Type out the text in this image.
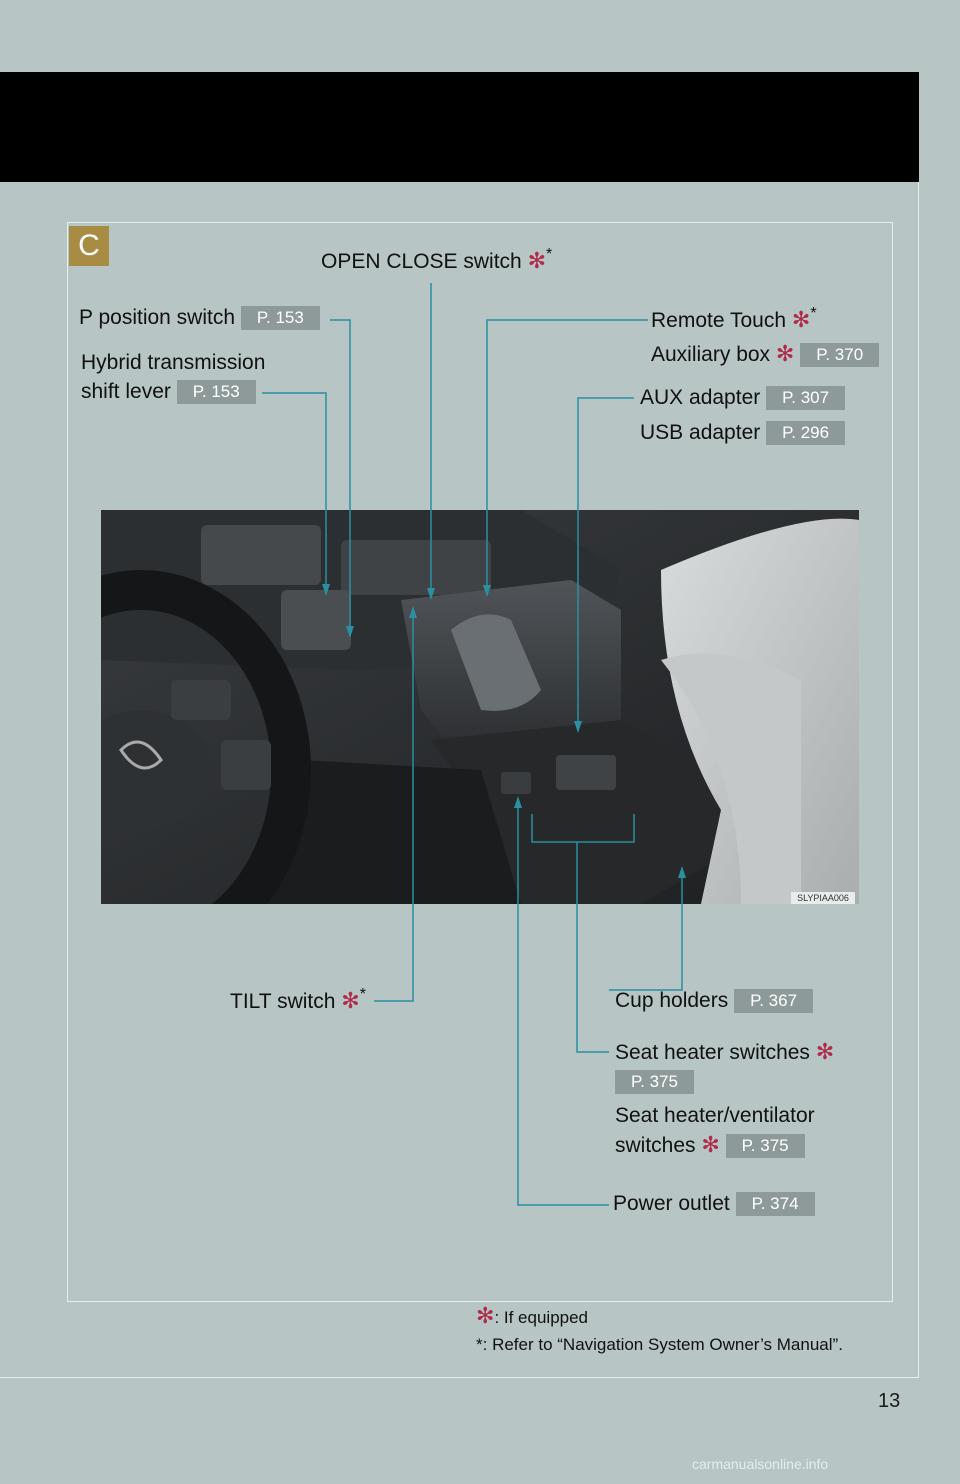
C
SLYPIAA006
OPEN CLOSE switch ✻*
P position switch P. 153
Hybrid transmission
shift lever P. 153
Remote Touch ✻*
Auxiliary box ✻ P. 370
AUX adapter P. 307
USB adapter P. 296
TILT switch ✻*	Cup holders P. 367
Seat heater switches ✻
P. 375
Seat heater/ventilator
switches ✻ P. 375
Power outlet P. 374
✻: If equipped
*: Refer to “Navigation System Owner’s Manual”.
13
carmanualsonline.info
